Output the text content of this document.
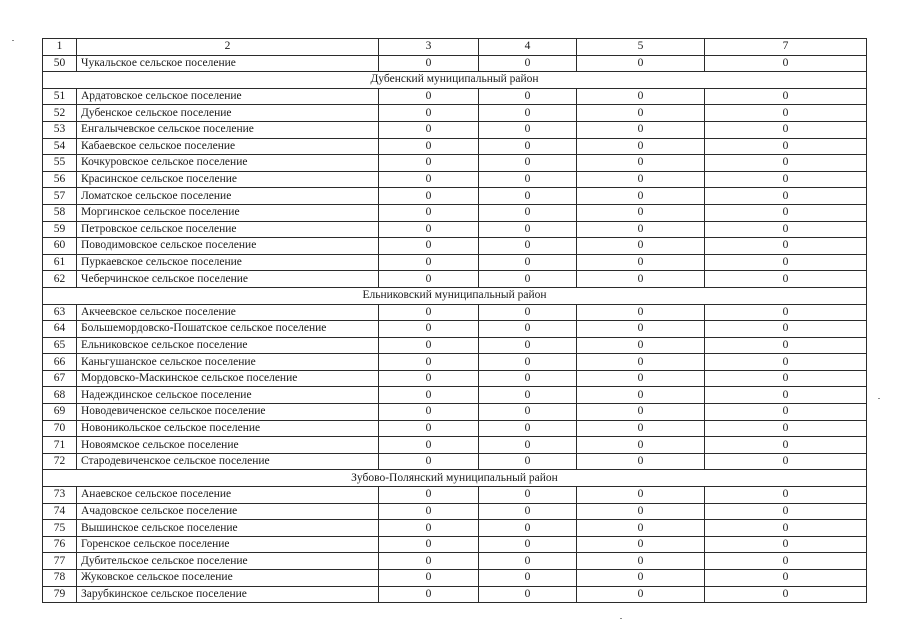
1	2	3	4	5	7
50	Чукальское сельское поселение	0	0	0	0
Дубенский муниципальный район					
51	Ардатовское сельское поселение	0	0	0	0
52	Дубенское сельское поселение	0	0	0	0
53	Енгалычевское сельское поселение	0	0	0	0
54	Кабаевское сельское поселение	0	0	0	0
55	Кочкуровское сельское поселение	0	0	0	0
56	Красинское сельское поселение	0	0	0	0
57	Ломатское сельское поселение	0	0	0	0
58	Моргинское сельское поселение	0	0	0	0
59	Петровское сельское поселение	0	0	0	0
60	Поводимовское сельское поселение	0	0	0	0
61	Пуркаевское сельское поселение	0	0	0	0
62	Чеберчинское сельское поселение	0	0	0	0
Ельниковский муниципальный район					
63	Акчеевское сельское поселение	0	0	0	0
64	Большемордовско-Пошатское сельское поселение	0	0	0	0
65	Ельниковское сельское поселение	0	0	0	0
66	Каньгушанское сельское поселение	0	0	0	0
67	Мордовско-Маскинское сельское поселение	0	0	0	0
68	Надеждинское сельское поселение	0	0	0	0
69	Новодевиченское сельское поселение	0	0	0	0
70	Новоникольское сельское поселение	0	0	0	0
71	Новоямское сельское поселение	0	0	0	0
72	Стародевиченское сельское поселение	0	0	0	0
Зубово-Полянский муниципальный район					
73	Анаевское сельское поселение	0	0	0	0
74	Ачадовское сельское поселение	0	0	0	0
75	Вышинское сельское поселение	0	0	0	0
76	Горенское сельское поселение	0	0	0	0
77	Дубительское сельское поселение	0	0	0	0
78	Жуковское сельское поселение	0	0	0	0
79	Зарубкинское сельское поселение	0	0	0	0
